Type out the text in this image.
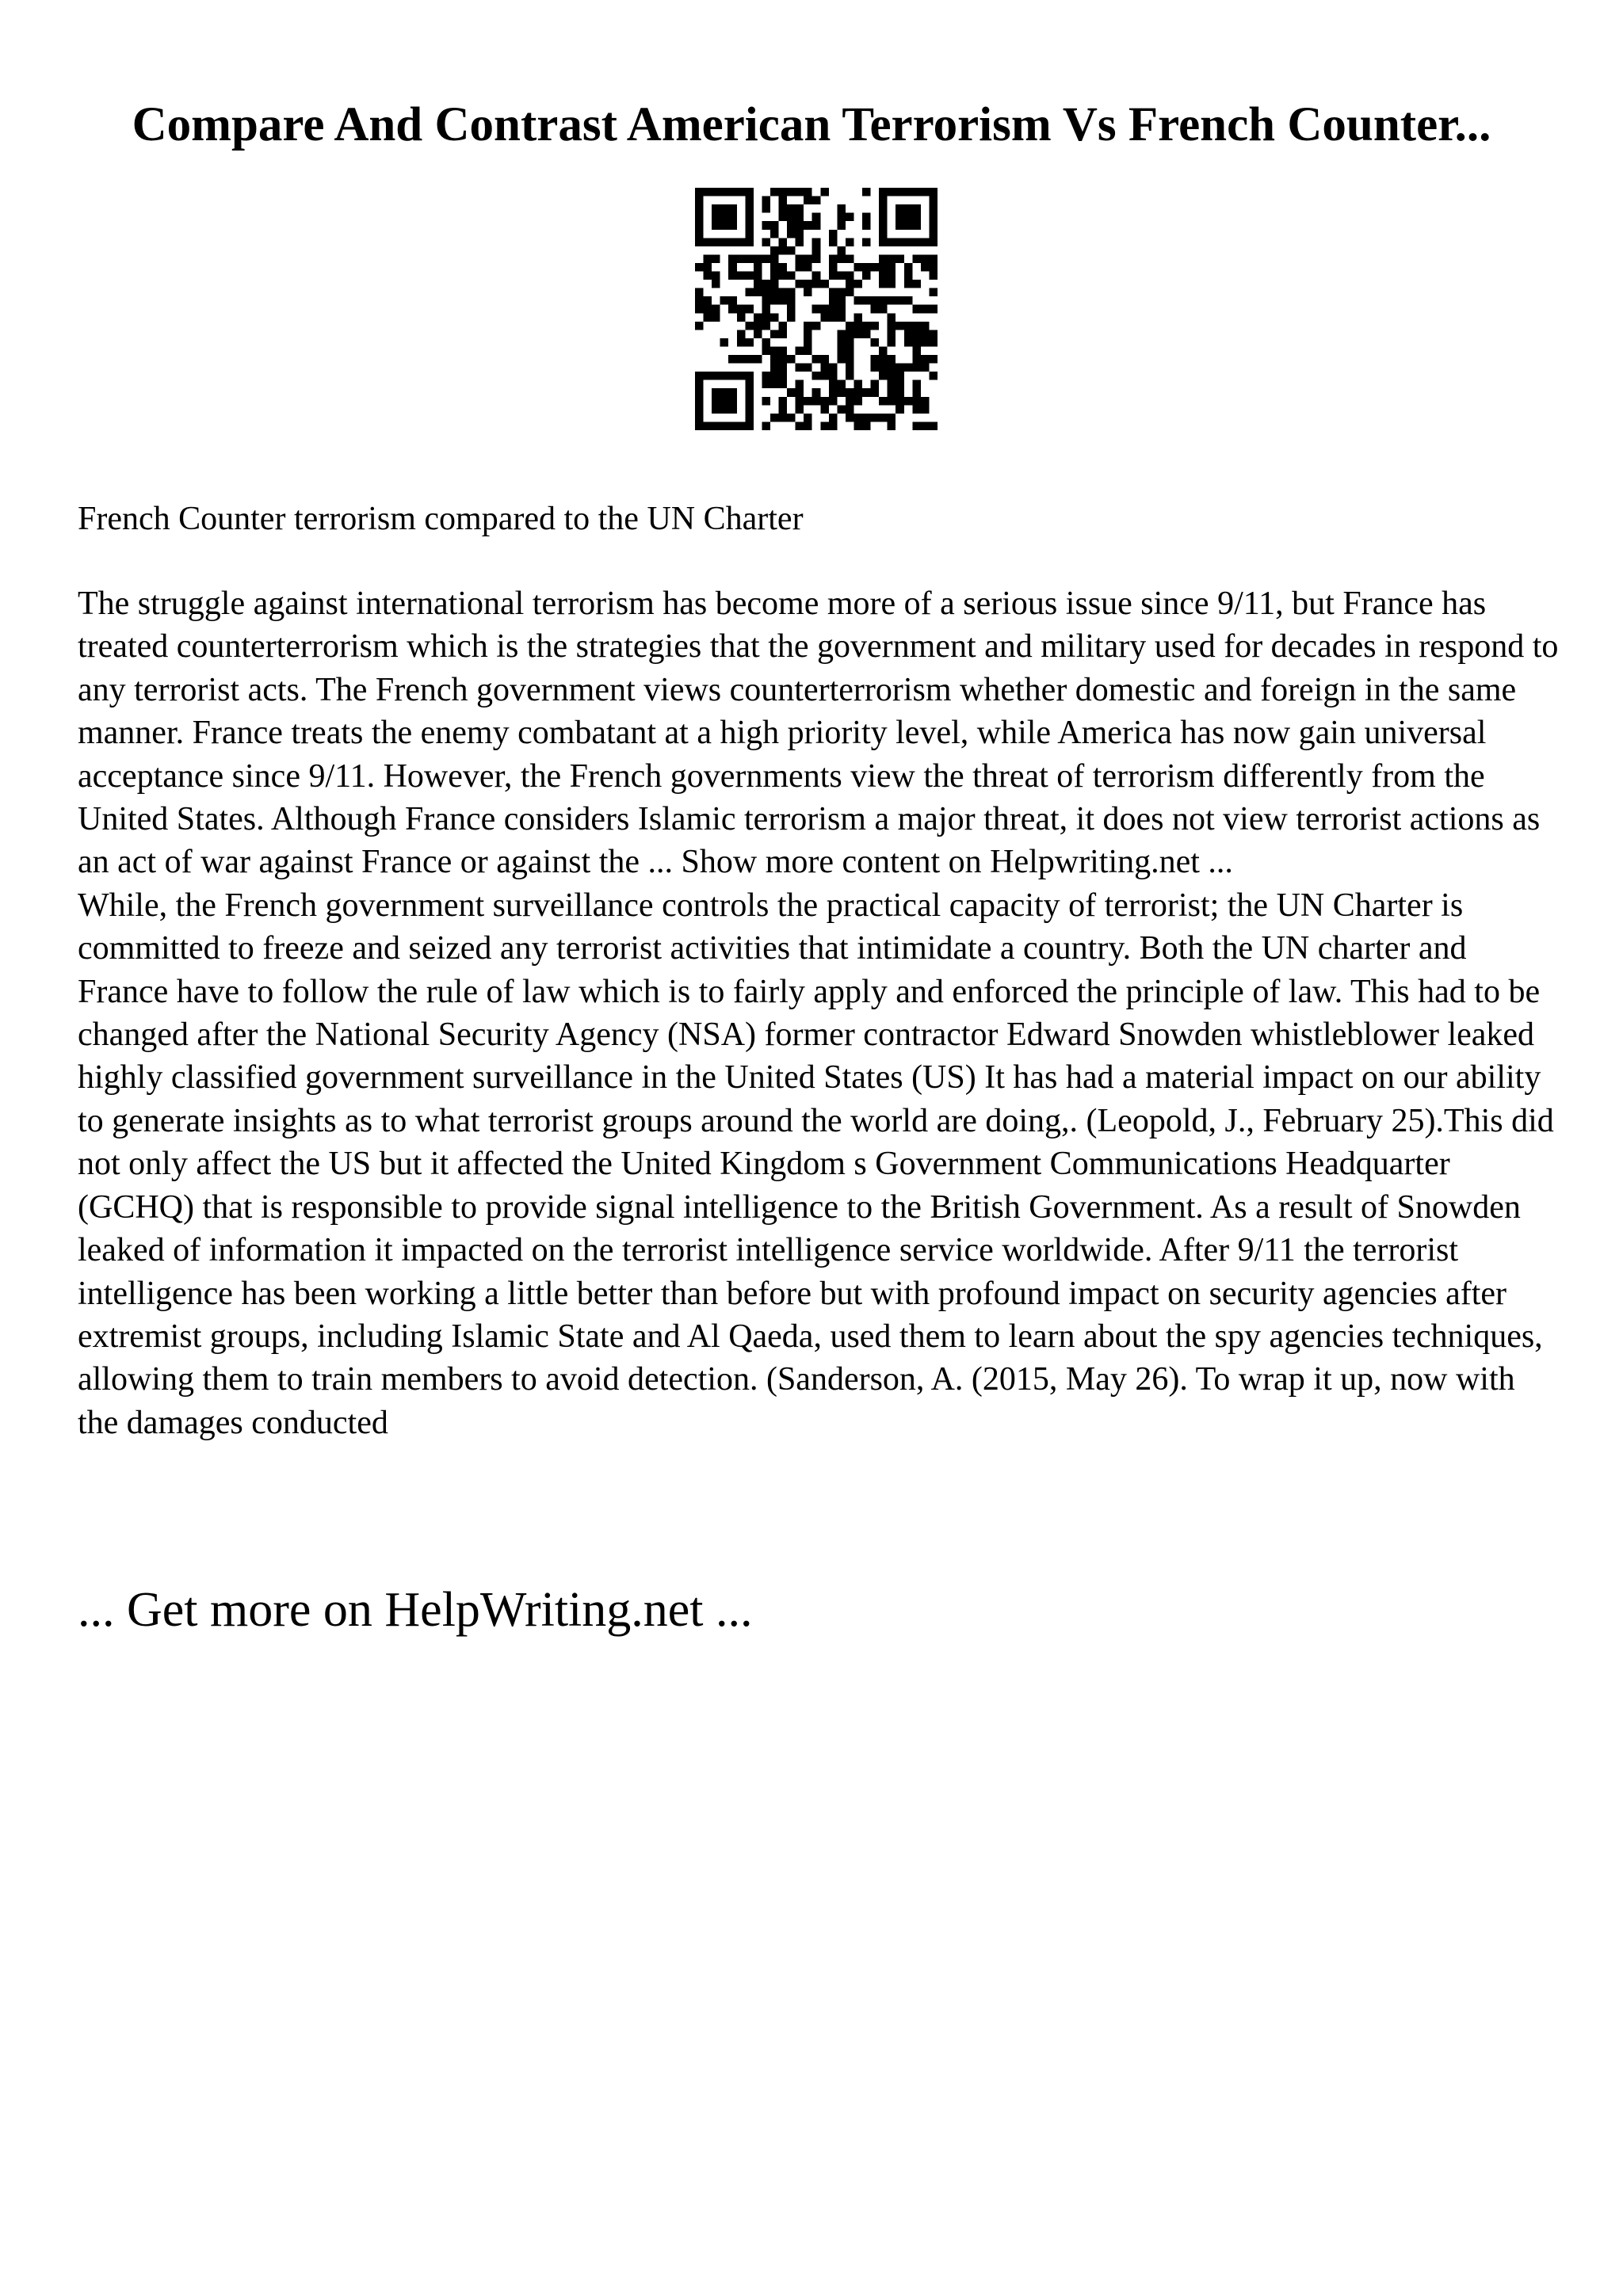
Compare And Contrast American Terrorism Vs French Counter...

French Counter terrorism compared to the UN Charter

The struggle against international terrorism has become more of a serious issue since 9/11, but France has treated counterterrorism which is the strategies that the government and military used for decades in respond to any terrorist acts. The French government views counterterrorism whether domestic and foreign in the same manner. France treats the enemy combatant at a high priority level, while America has now gain universal acceptance since 9/11. However, the French governments view the threat of terrorism differently from the United States. Although France considers Islamic terrorism a major threat, it does not view terrorist actions as an act of war against France or against the ... Show more content on Helpwriting.net ...
While, the French government surveillance controls the practical capacity of terrorist; the UN Charter is committed to freeze and seized any terrorist activities that intimidate a country. Both the UN charter and France have to follow the rule of law which is to fairly apply and enforced the principle of law. This had to be changed after the National Security Agency (NSA) former contractor Edward Snowden whistleblower leaked highly classified government surveillance in the United States (US) It has had a material impact on our ability to generate insights as to what terrorist groups around the world are doing,. (Leopold, J., February 25).This did not only affect the US but it affected the United Kingdom s Government Communications Headquarter (GCHQ) that is responsible to provide signal intelligence to the British Government. As a result of Snowden leaked of information it impacted on the terrorist intelligence service worldwide. After 9/11 the terrorist intelligence has been working a little better than before but with profound impact on security agencies after extremist groups, including Islamic State and Al Qaeda, used them to learn about the spy agencies techniques, allowing them to train members to avoid detection. (Sanderson, A. (2015, May 26). To wrap it up, now with the damages conducted

... Get more on HelpWriting.net ...
